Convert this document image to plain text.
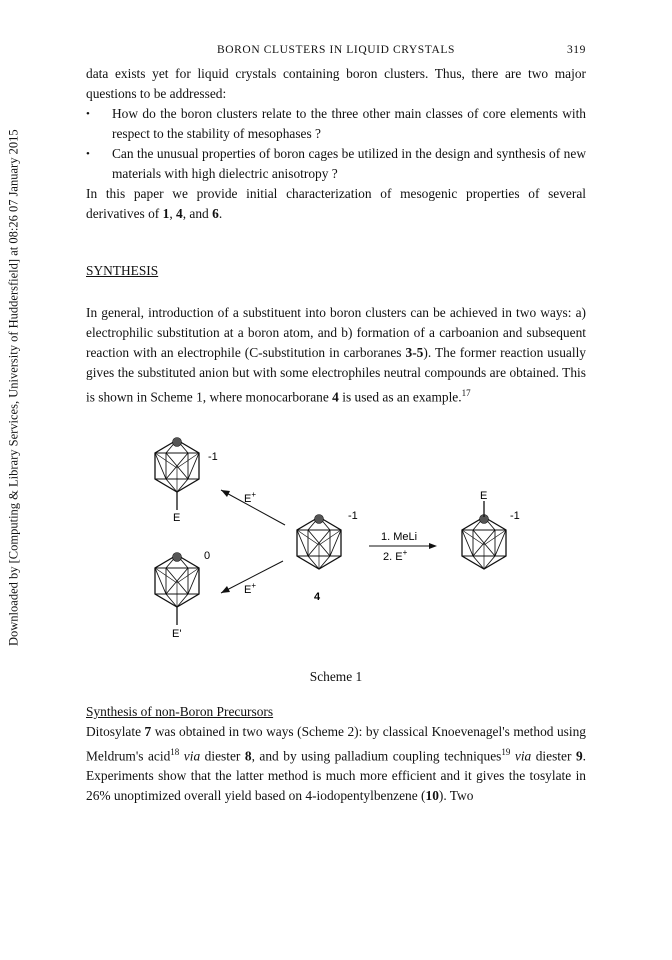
BORON CLUSTERS IN LIQUID CRYSTALS	319
Downloaded by [Computing & Library Services, University of Huddersfield] at 08:26 07 January 2015

data exists yet for liquid crystals containing boron clusters. Thus, there are two major questions to be addressed:

• How do the boron clusters relate to the three other main classes of core elements with respect to the stability of mesophases ?

• Can the unusual properties of boron cages be utilized in the design and synthesis of new materials with high dielectric anisotropy ?

In this paper we provide initial characterization of mesogenic properties of several derivatives of 1, 4, and 6.

SYNTHESIS

In general, introduction of a substituent into boron clusters can be achieved in two ways: a) electrophilic substitution at a boron atom, and b) formation of a carboanion and subsequent reaction with an electrophile (C-substitution in carboranes 3-5). The former reaction usually gives the substituted anion but with some electrophiles neutral compounds are obtained. This is shown in Scheme 1, where monocarborane 4 is used as an example.$^{17}$

E
-1
E'
0
-1
4
E
-1
E+
E+
1. MeLi
2. E+
Scheme 1
Synthesis of non-Boron Precursors

Ditosylate 7 was obtained in two ways (Scheme 2): by classical Knoevenagel's method using Meldrum's acid$^{18}$ via diester 8, and by using palladium coupling techniques$^{19}$ via diester 9. Experiments show that the latter method is much more efficient and it gives the tosylate in 26% unoptimized overall yield based on 4-iodopentylbenzene (10). Two
